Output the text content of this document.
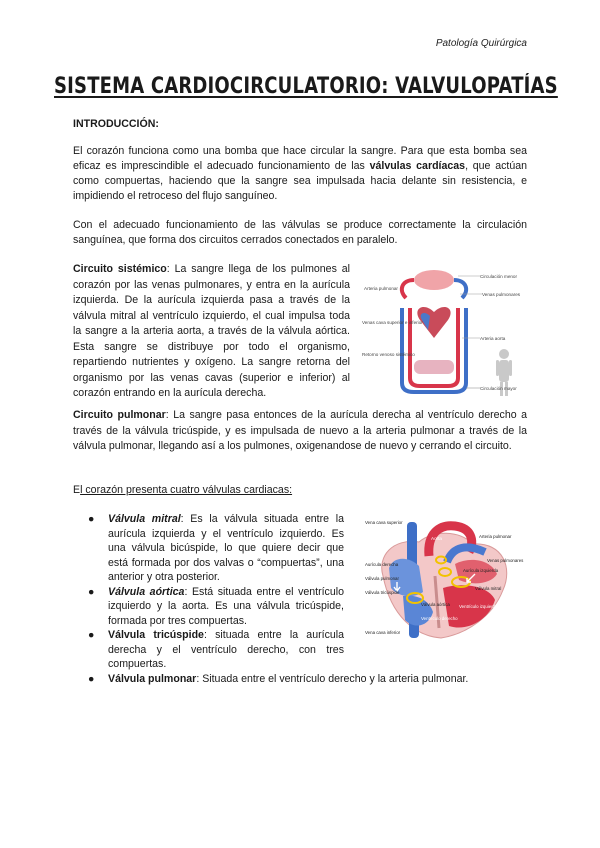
Patología Quirúrgica
SISTEMA CARDIOCIRCULATORIO: VALVULOPATÍAS
INTRODUCCIÓN:

El corazón funciona como una bomba que hace circular la sangre. Para que esta bomba sea eficaz es imprescindible el adecuado funcionamiento de las válvulas cardíacas, que actúan como compuertas, haciendo que la sangre sea impulsada hacia delante sin resistencia, e impidiendo el retroceso del flujo sanguíneo.

Con el adecuado funcionamiento de las válvulas se produce correctamente la circulación sanguínea, que forma dos circuitos cerrados conectados en paralelo.

Circuito sistémico: La sangre llega de los pulmones al corazón por las venas pulmonares, y entra en la aurícula izquierda. De la aurícula izquierda pasa a través de la válvula mitral al ventrículo izquierdo, el cual impulsa toda la sangre a la arteria aorta, a través de la válvula aórtica. Esta sangre se distribuye por todo el organismo, repartiendo nutrientes y oxígeno. La sangre retorna del organismo por las venas cavas (superior e inferior) al corazón entrando en la aurícula derecha.

Circulación menor
Arteria pulmonar
Venas pulmonares
Venas cava superior e inferior
Arteria aorta
Retorno venoso sistémico
Circulación mayor

Circuito pulmonar: La sangre pasa entonces de la aurícula derecha al ventrículo derecho a través de la válvula tricúspide, y es impulsada de nuevo a la arteria pulmonar a través de la válvula pulmonar, llegando así a los pulmones, oxigenandose de nuevo y cerrando el circuito.

El corazón presenta cuatro válvulas cardiacas:
● Válvula mitral: Es la válvula situada entre la aurícula izquierda y el ventrículo izquierdo. Es una válvula bicúspide, lo que quiere decir que está formada por dos valvas o “compuertas”, una anterior y otra posterior.
● Válvula aórtica: Está situada entre el ventrículo izquierdo y la aorta. Es una válvula tricúspide, formada por tres compuertas.
● Válvula tricúspide: situada entre la aurícula derecha y el ventrículo derecho, con tres compuertas.
● Válvula pulmonar: Situada entre el ventrículo derecho y la arteria pulmonar.
Vena cava superior
Aorta	Arteria pulmonar
Venas pulmonares
Aurícula derecha
Aurícula izquierda
Válvula pulmonar
Válvula mitral
Válvula aórtica
Válvula tricúspide
Ventrículo izquierdo
Ventrículo derecho
Vena cava inferior
